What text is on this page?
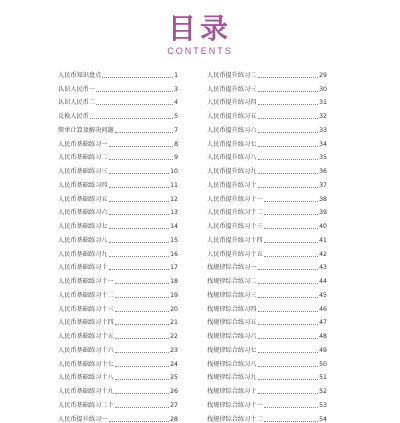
目录
CONTENTS
人民币知识盘点	1
认识人民币一	3
认识人民币二	4
兑换人民币	5
简单计算及解决问题	7
人民币基础练习一	8
人民币基础练习二	9
人民币基础练习三	10
人民币基础练习四	11
人民币基础练习五	12
人民币基础练习六	13
人民币基础练习七	14
人民币基础练习八	15
人民币基础练习九	16
人民币基础练习十	17
人民币基础练习十一	18
人民币基础练习十二	19
人民币基础练习十三	20
人民币基础练习十四	21
人民币基础练习十五	22
人民币基础练习十六	23
人民币基础练习十七	24
人民币基础练习十八	25
人民币基础练习十九	26
人民币基础练习二十	27
人民币提升练习一	28
人民币提升练习二	29
人民币提升练习三	30
人民币提升练习四	31
人民币提升练习五	32
人民币提升练习六	33
人民币提升练习七	34
人民币提升练习八	35
人民币提升练习九	36
人民币提升练习十	37
人民币提升练习十一	38
人民币提升练习十二	39
人民币提升练习十三	40
人民币提升练习十四	41
人民币提升练习十五	42
找规律综合练习一	43
找规律综合练习二	44
找规律综合练习三	45
找规律综合练习四	46
找规律综合练习五	47
找规律综合练习六	48
找规律综合练习七	49
找规律综合练习八	50
找规律综合练习九	51
找规律综合练习十	52
找规律综合练习十一	53
找规律综合练习十二	54
